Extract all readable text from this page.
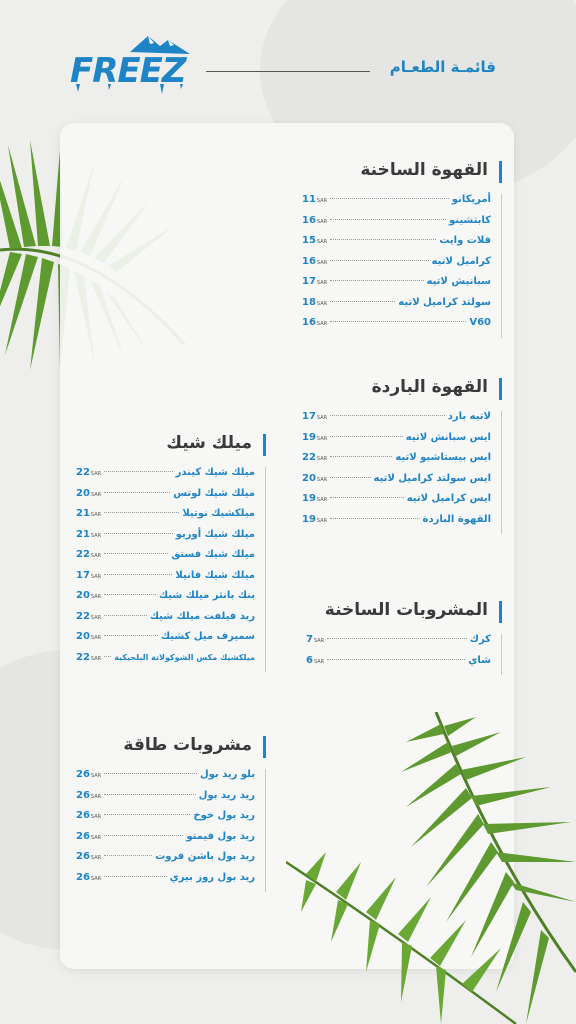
FREEZ	قائمـة الطعـام
القهوة الساخنة
أمريكانو
11SAR
كابتشينو
16SAR
فلات وايت
15SAR
كراميل لاتيه
16SAR
سبانيش لاتيه
17SAR
سولتد كراميل لاتيه
18SAR
V60
16SAR
القهوة الباردة
لاتيه بارد
17SAR
ايس سبانش لاتيه
19SAR
ايس بيستاشيو لاتيه
22SAR
ايس سولتد كراميل لاتيه
20SAR
ايس كراميل لاتيه
19SAR
القهوة الباردة
19SAR
المشروبات الساخنة
كرك
7SAR
شاي
6SAR
ميلك شيك
ميلك شيك كيندر
22SAR
ميلك شيك لوتس
20SAR
ميلكشيك نوتيلا
21SAR
ميلك شيك أوريو
21SAR
ميلك شيك فستق
22SAR
ميلك شيك فانيلا
17SAR
بنك بانثر ميلك شيك
20SAR
ريد فيلفت ميلك شيك
22SAR
سميرف ميل كشيك
20SAR
ميلكشيك مكس الشوكولاتة البلجيكية
22SAR
مشروبات طاقة
بلو ريد بول
26SAR
ريد ريد بول
26SAR
ريد بول خوخ
26SAR
ريد بول فيمتو
26SAR
ريد بول باشن فروت
26SAR
ريد بول روز بيري
26SAR
